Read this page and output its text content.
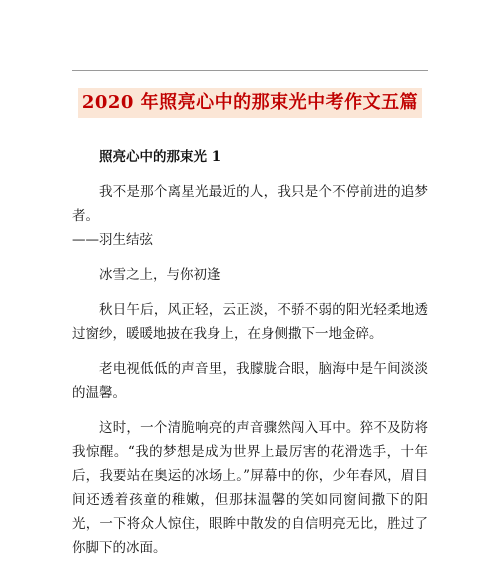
2020 年照亮心中的那束光中考作文五篇
照亮心中的那束光 1
我不是那个离星光最近的人，我只是个不停前进的追梦者。
——羽生结弦
冰雪之上，与你初逢
秋日午后，风正轻，云正淡，不骄不弱的阳光轻柔地透过窗纱，暖暖地披在我身上，在身侧撒下一地金碎。
老电视低低的声音里，我朦胧合眼，脑海中是午间淡淡的温馨。
这时，一个清脆响亮的声音骤然闯入耳中。猝不及防将我惊醒。“我的梦想是成为世界上最厉害的花滑选手，十年后，我要站在奥运的冰场上。”屏幕中的你，少年春风，眉目间还透着孩童的稚嫩，但那抹温馨的笑如同窗间撒下的阳光，一下将众人惊住，眼眸中散发的自信明亮无比，胜过了你脚下的冰面。
